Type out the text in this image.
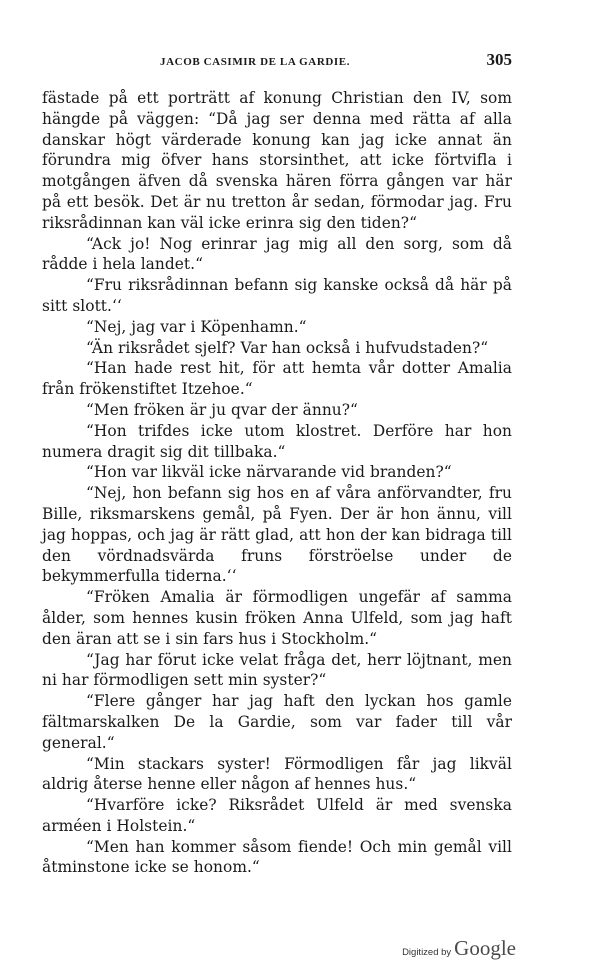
JACOB CASIMIR DE LA GARDIE.	305

fästade på ett porträtt af konung Christian den IV, som hängde på väggen: “Då jag ser denna med rätta af alla danskar högt värderade konung kan jag icke annat än förundra mig öfver hans storsinthet, att icke förtvifla i motgången äfven då svenska hären förra gången var här på ett besök. Det är nu tretton år sedan, förmodar jag. Fru riksrådinnan kan väl icke erinra sig den tiden?“

“Ack jo! Nog erinrar jag mig all den sorg, som då rådde i hela landet.“

“Fru riksrådinnan befann sig kanske också då här på sitt slott.‘‘

“Nej, jag var i Köpenhamn.“

“Än riksrådet sjelf? Var han också i hufvudstaden?“

“Han hade rest hit, för att hemta vår dotter Amalia från frökenstiftet Itzehoe.“

“Men fröken är ju qvar der ännu?“

“Hon trifdes icke utom klostret. Derföre har hon numera dragit sig dit tillbaka.“

“Hon var likväl icke närvarande vid branden?“

“Nej, hon befann sig hos en af våra anförvandter, fru Bille, riksmarskens gemål, på Fyen. Der är hon ännu, vill jag hoppas, och jag är rätt glad, att hon der kan bidraga till den vördnadsvärda fruns förströelse under de bekymmerfulla tiderna.‘‘

“Fröken Amalia är förmodligen ungefär af samma ålder, som hennes kusin fröken Anna Ulfeld, som jag haft den äran att se i sin fars hus i Stockholm.“

“Jag har förut icke velat fråga det, herr löjtnant, men ni har förmodligen sett min syster?“

“Flere gånger har jag haft den lyckan hos gamle fältmarskalken De la Gardie, som var fader till vår general.“

“Min stackars syster! Förmodligen får jag likväl aldrig återse henne eller någon af hennes hus.“

“Hvarföre icke? Riksrådet Ulfeld är med svenska arméen i Holstein.“

“Men han kommer såsom fiende! Och min gemål vill åtminstone icke se honom.“

Digitized by Google
